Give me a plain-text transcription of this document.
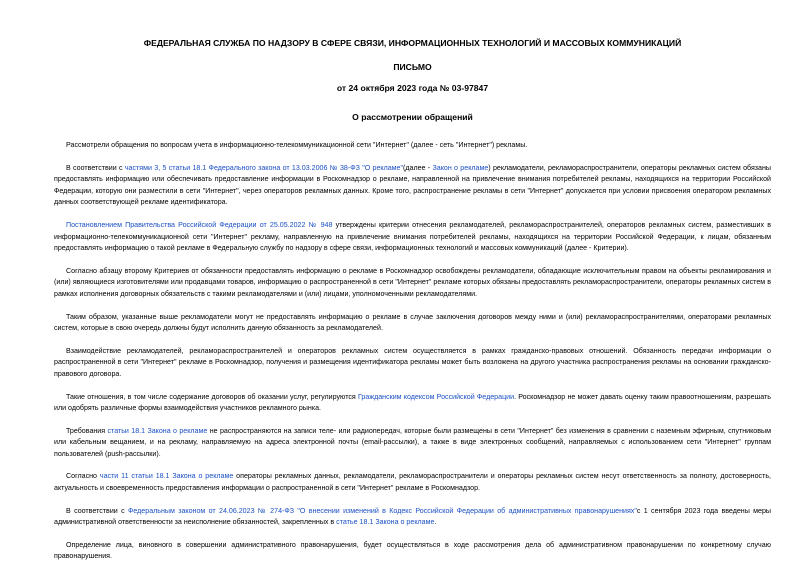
ФЕДЕРАЛЬНАЯ СЛУЖБА ПО НАДЗОРУ В СФЕРЕ СВЯЗИ, ИНФОРМАЦИОННЫХ ТЕХНОЛОГИЙ И МАССОВЫХ КОММУНИКАЦИЙ
ПИСЬМО
от 24 октября 2023 года № 03-97847
О рассмотрении обращений

Рассмотрели обращения по вопросам учета в информационно-телекоммуникационной сети "Интернет" (далее - сеть "Интернет") рекламы.

В соответствии с частями 3, 5 статьи 18.1 Федерального закона от 13.03.2006 № 38-ФЗ "О рекламе"(далее - Закон о рекламе) рекламодатели, рекламораспространители, операторы рекламных систем обязаны предоставлять информацию или обеспечивать предоставление информации в Роскомнадзор о рекламе, направленной на привлечение внимания потребителей рекламы, находящихся на территории Российской Федерации, которую они разместили в сети "Интернет", через операторов рекламных данных. Кроме того, распространение рекламы в сети "Интернет" допускается при условии присвоения оператором рекламных данных соответствующей рекламе идентификатора.

Постановлением Правительства Российской Федерации от 25.05.2022 № 948 утверждены критерии отнесения рекламодателей, рекламораспространителей, операторов рекламных систем, разместивших в информационно-телекоммуникационной сети "Интернет" рекламу, направленную на привлечение внимания потребителей рекламы, находящихся на территории Российской Федерации, к лицам, обязанным предоставлять информацию о такой рекламе в Федеральную службу по надзору в сфере связи, информационных технологий и массовых коммуникаций (далее - Критерии).

Согласно абзацу второму Критериев от обязанности предоставлять информацию о рекламе в Роскомнадзор освобождены рекламодатели, обладающие исключительным правом на объекты рекламирования и (или) являющиеся изготовителями или продавцами товаров, информацию о распространенной в сети "Интернет" рекламе которых обязаны предоставлять рекламораспространители, операторы рекламных систем в рамках исполнения договорных обязательств с такими рекламодателями и (или) лицами, уполномоченными рекламодателями.

Таким образом, указанные выше рекламодатели могут не предоставлять информацию о рекламе в случае заключения договоров между ними и (или) рекламораспространителями, операторами рекламных систем, которые в свою очередь должны будут исполнить данную обязанность за рекламодателей.

Взаимодействие рекламодателей, рекламораспространителей и операторов рекламных систем осуществляется в рамках гражданско-правовых отношений. Обязанность передачи информации о распространенной в сети "Интернет" рекламе в Роскомнадзор, получения и размещения идентификатора рекламы может быть возложена на другого участника распространения рекламы на основании гражданско-правового договора.

Такие отношения, в том числе содержание договоров об оказании услуг, регулируются Гражданским кодексом Российской Федерации. Роскомнадзор не может давать оценку таким правоотношениям, разрешать или одобрять различные формы взаимодействия участников рекламного рынка.

Требования статьи 18.1 Закона о рекламе не распространяются на записи теле- или радиопередач, которые были размещены в сети "Интернет" без изменения в сравнении с наземным эфирным, спутниковым или кабельным вещанием, и на рекламу, направляемую на адреса электронной почты (email-рассылки), а также в виде электронных сообщений, направляемых с использованием сети "Интернет" группам пользователей (push-рассылки).

Согласно части 11 статьи 18.1 Закона о рекламе операторы рекламных данных, рекламодатели, рекламораспространители и операторы рекламных систем несут ответственность за полноту, достоверность, актуальность и своевременность предоставления информации о распространенной в сети "Интернет" рекламе в Роскомнадзор.

В соответствии с Федеральным законом от 24.06.2023 № 274-ФЗ "О внесении изменений в Кодекс Российской Федерации об административных правонарушениях"с 1 сентября 2023 года введены меры административной ответственности за неисполнение обязанностей, закрепленных в статье 18.1 Закона о рекламе.

Определение лица, виновного в совершении административного правонарушения, будет осуществляться в ходе рассмотрения дела об административном правонарушении по конкретному случаю правонарушения.
